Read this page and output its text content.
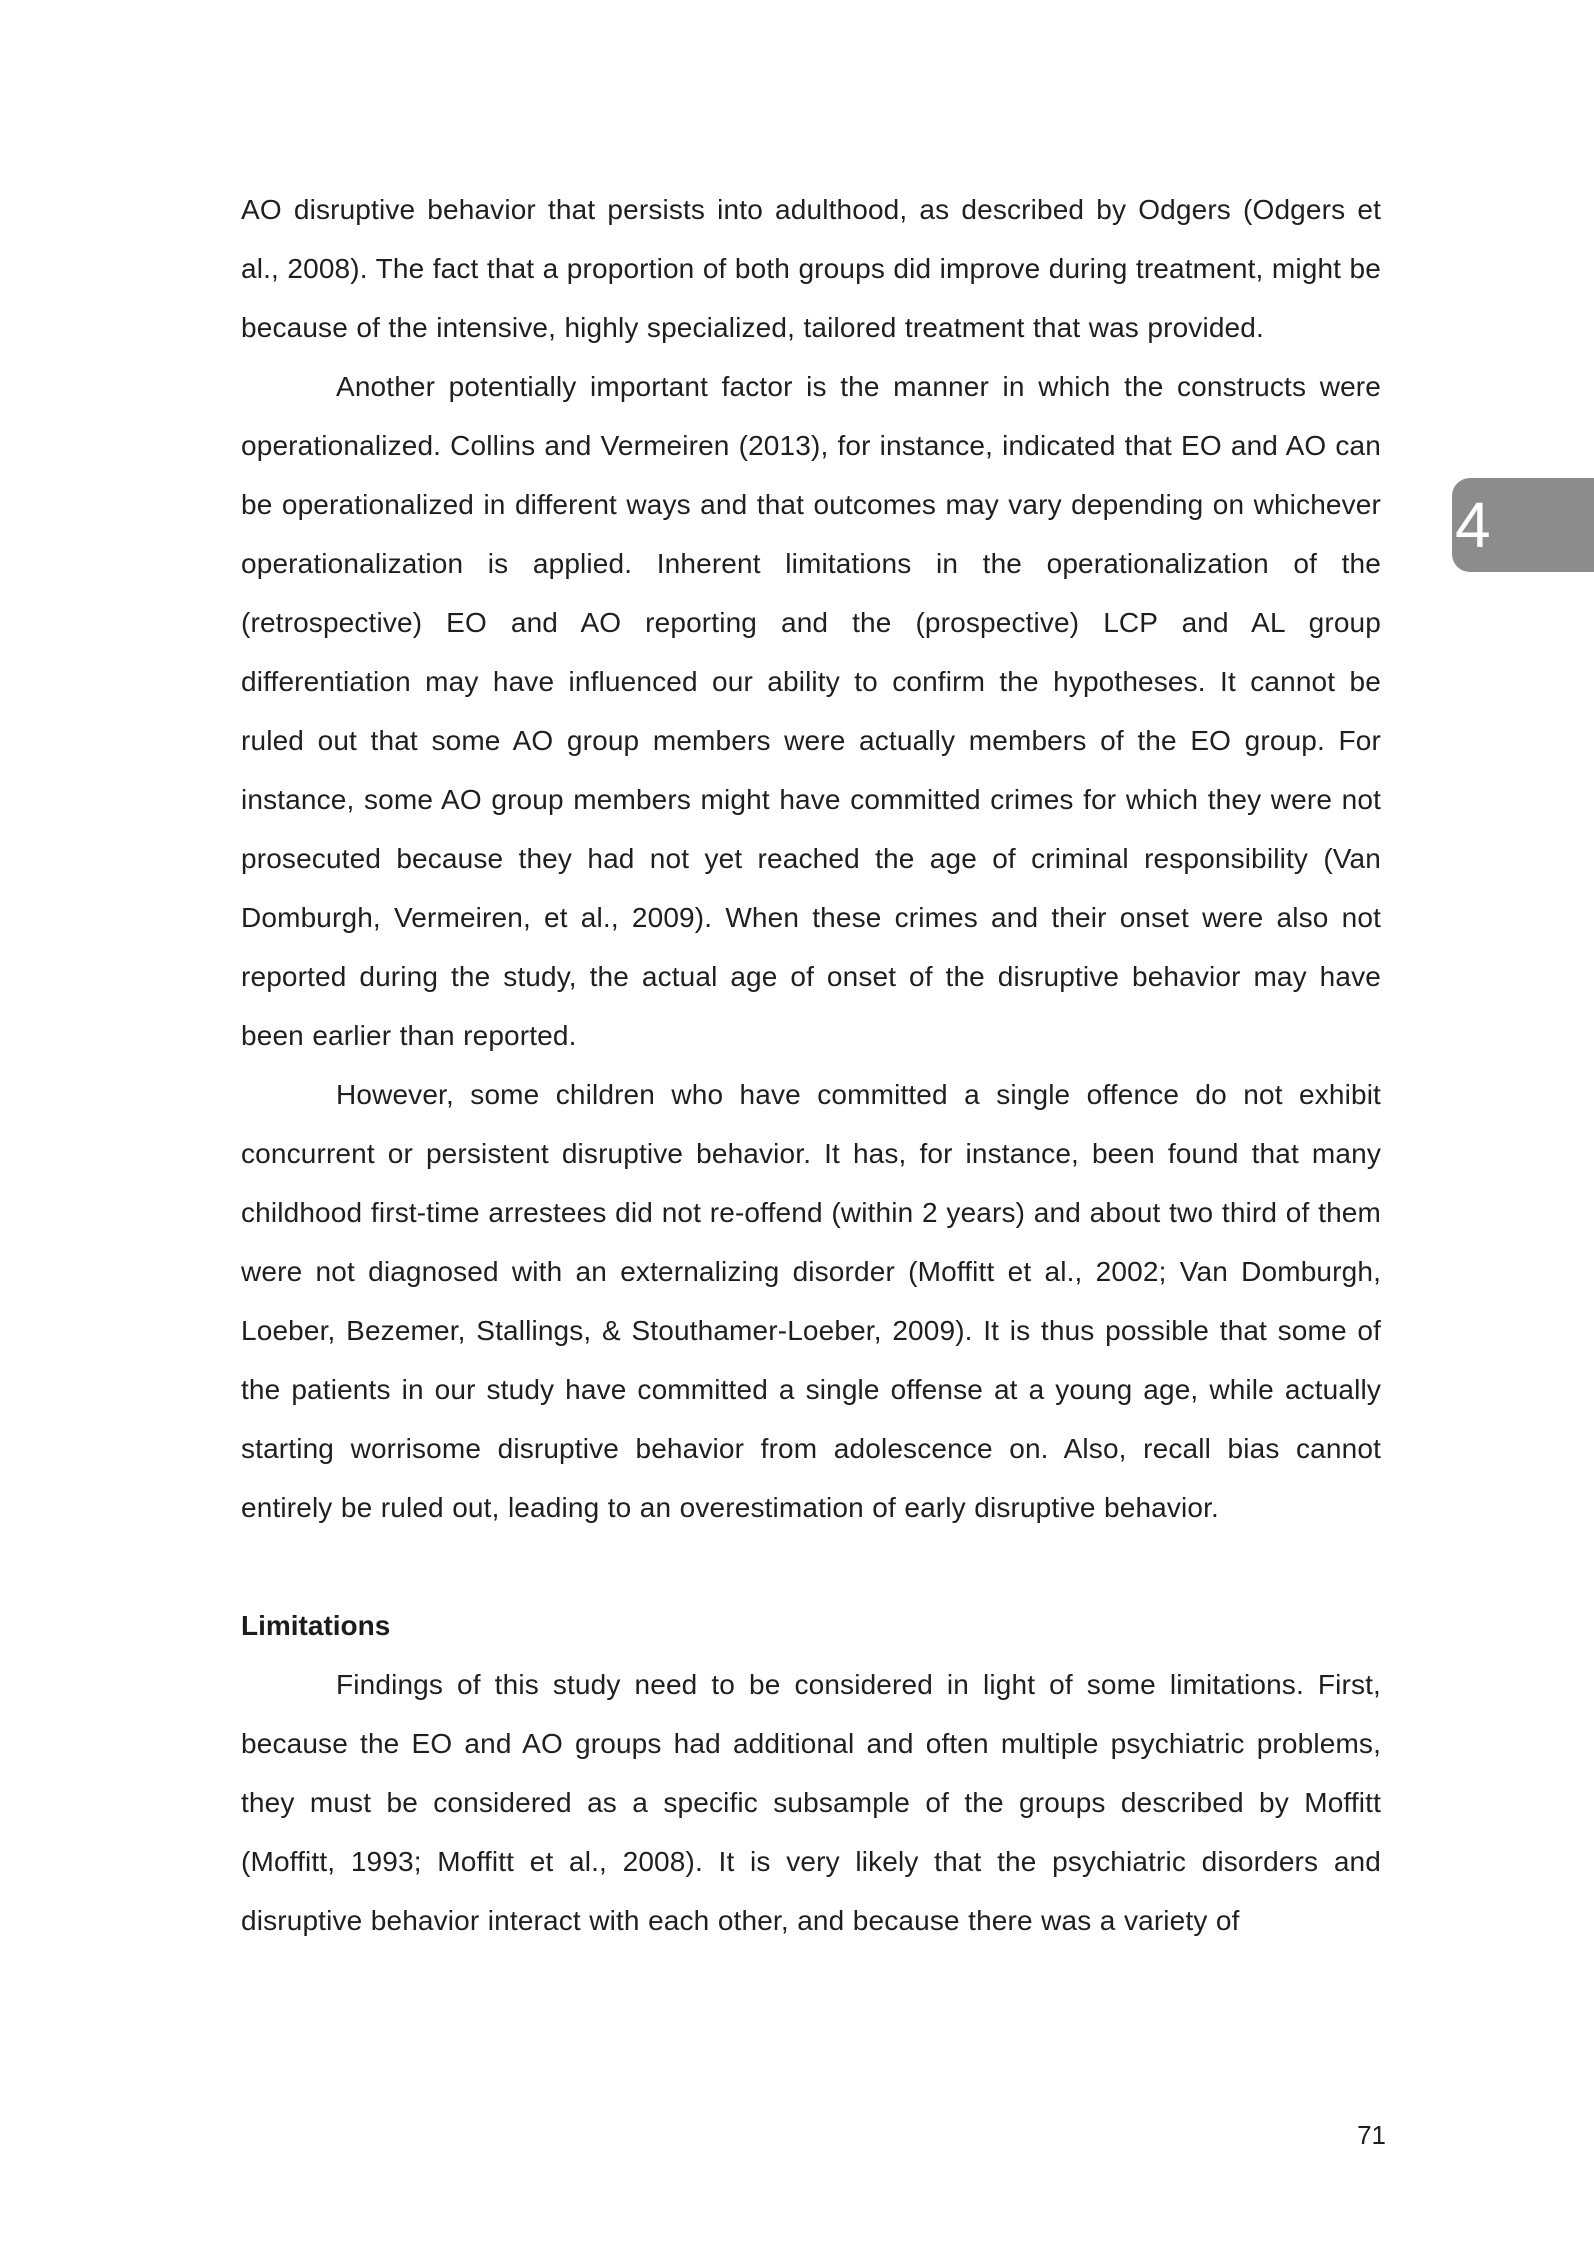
AO disruptive behavior that persists into adulthood, as described by Odgers (Odgers et al., 2008). The fact that a proportion of both groups did improve during treatment, might be because of the intensive, highly specialized, tailored treatment that was provided.

Another potentially important factor is the manner in which the constructs were operationalized. Collins and Vermeiren (2013), for instance, indicated that EO and AO can be operationalized in different ways and that outcomes may vary depending on whichever operationalization is applied. Inherent limitations in the operationalization of the (retrospective) EO and AO reporting and the (prospective) LCP and AL group differentiation may have influenced our ability to confirm the hypotheses. It cannot be ruled out that some AO group members were actually members of the EO group. For instance, some AO group members might have committed crimes for which they were not prosecuted because they had not yet reached the age of criminal responsibility (Van Domburgh, Vermeiren, et al., 2009). When these crimes and their onset were also not reported during the study, the actual age of onset of the disruptive behavior may have been earlier than reported.

However, some children who have committed a single offence do not exhibit concurrent or persistent disruptive behavior. It has, for instance, been found that many childhood first-time arrestees did not re-offend (within 2 years) and about two third of them were not diagnosed with an externalizing disorder (Moffitt et al., 2002; Van Domburgh, Loeber, Bezemer, Stallings, & Stouthamer-Loeber, 2009). It is thus possible that some of the patients in our study have committed a single offense at a young age, while actually starting worrisome disruptive behavior from adolescence on. Also, recall bias cannot entirely be ruled out, leading to an overestimation of early disruptive behavior.

Limitations

Findings of this study need to be considered in light of some limitations. First, because the EO and AO groups had additional and often multiple psychiatric problems, they must be considered as a specific subsample of the groups described by Moffitt (Moffitt, 1993; Moffitt et al., 2008). It is very likely that the psychiatric disorders and disruptive behavior interact with each other, and because there was a variety of

4
71
